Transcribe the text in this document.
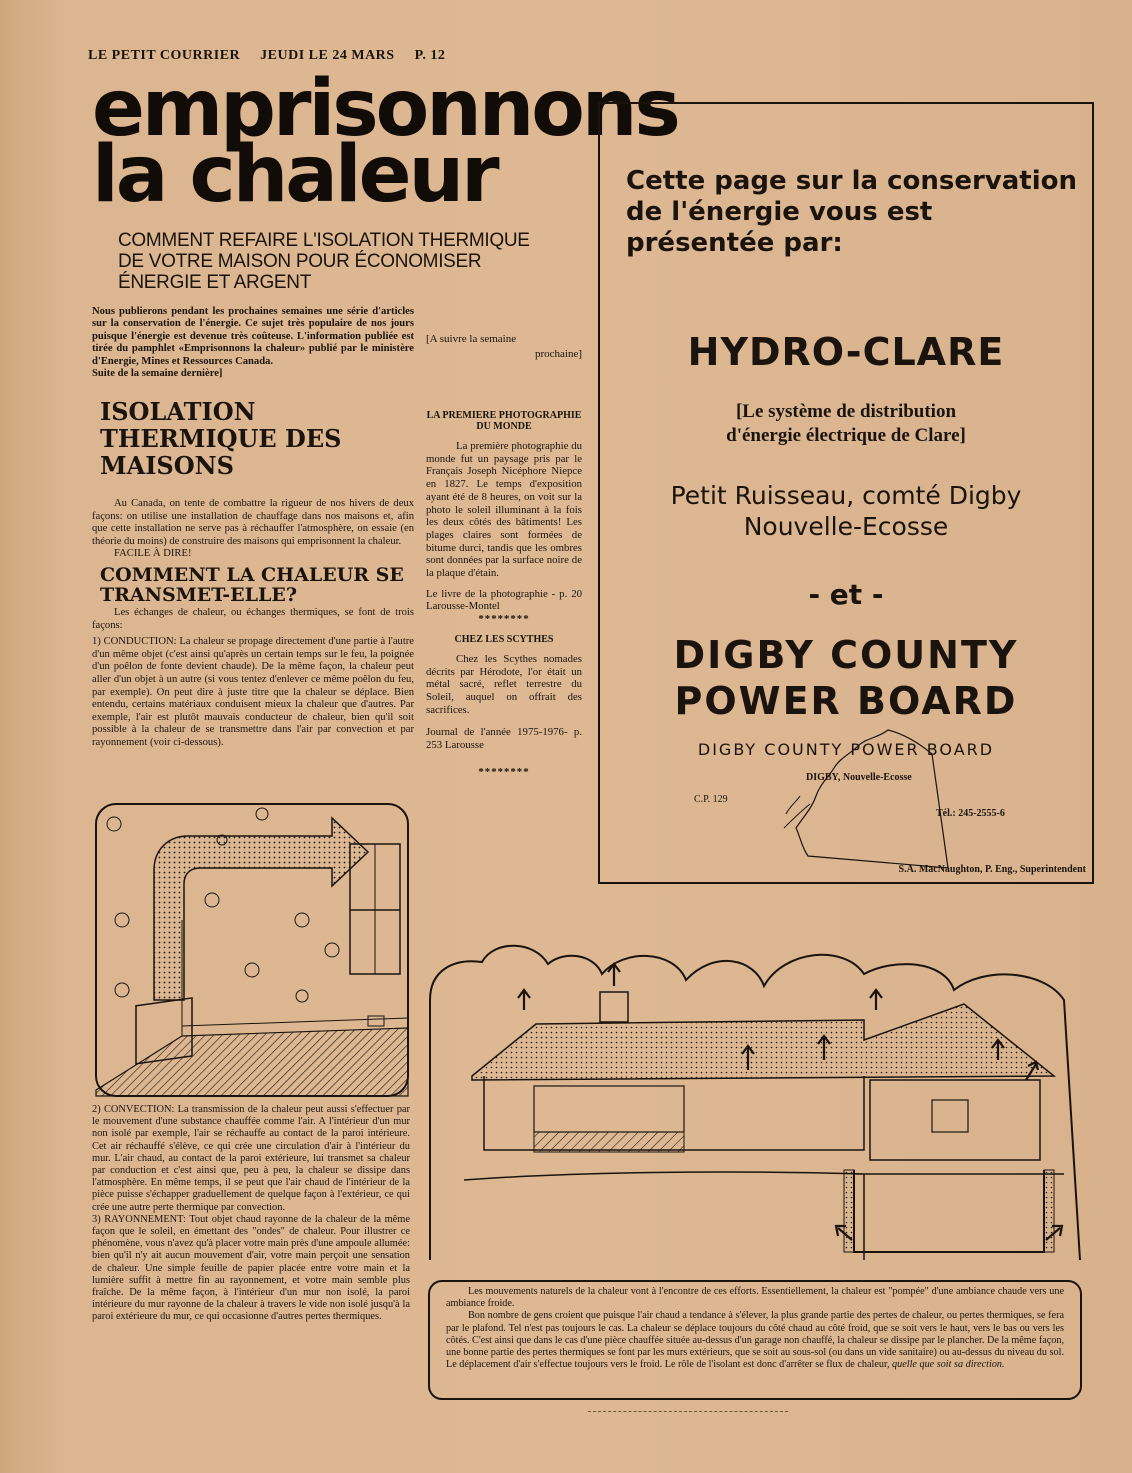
LE PETIT COURRIER JEUDI LE 24 MARS P. 12
emprisonnons
la chaleur
COMMENT REFAIRE L'ISOLATION THERMIQUE
DE VOTRE MAISON POUR ÉCONOMISER
ÉNERGIE ET ARGENT

Nous publierons pendant les prochaines semaines une série d'articles sur la conservation de l'énergie. Ce sujet très populaire de nos jours puisque l'énergie est devenue très coûteuse. L'information publiée est tirée du pamphlet «Emprisonnons la chaleur» publié par le ministère d'Energie, Mines et Ressources Canada.

Suite de la semaine dernière]

[A suivre la semaine
prochaine]
ISOLATION THERMIQUE DES MAISONS

Au Canada, on tente de combattre la rigueur de nos hivers de deux façons: on utilise une installation de chauffage dans nos maisons et, afin que cette installation ne serve pas à réchauffer l'atmosphère, on essaie (en théorie du moins) de construire des maisons qui emprisonnent la chaleur.

FACILE À DIRE!

COMMENT LA CHALEUR SE TRANSMET-ELLE?

Les échanges de chaleur, ou échanges thermiques, se font de trois façons:

1) CONDUCTION: La chaleur se propage directement d'une partie à l'autre d'un même objet (c'est ainsi qu'après un certain temps sur le feu, la poignée d'un poêlon de fonte devient chaude). De la même façon, la chaleur peut aller d'un objet à un autre (si vous tentez d'enlever ce même poêlon du feu, par exemple). On peut dire à juste titre que la chaleur se déplace. Bien entendu, certains matériaux conduisent mieux la chaleur que d'autres. Par exemple, l'air est plutôt mauvais conducteur de chaleur, bien qu'il soit possible à la chaleur de se transmettre dans l'air par convection et par rayonnement (voir ci-dessous).

LA PREMIERE PHOTOGRAPHIE DU MONDE

La première photographie du monde fut un paysage pris par le Français Joseph Nicéphore Niepce en 1827. Le temps d'exposition ayant été de 8 heures, on voit sur la photo le soleil illuminant à la fois les deux côtés des bâtiments! Les plages claires sont formées de bitume durci, tandis que les ombres sont données par la surface noire de la plaque d'étain.

Le livre de la photographie - p. 20 Larousse-Montel

********
CHEZ LES SCYTHES

Chez les Scythes nomades décrits par Hérodote, l'or était un métal sacré, reflet terrestre du Soleil, auquel on offrait des sacrifices.

Journal de l'année 1975-1976- p. 253 Larousse

********
Cette page sur la conservation de l'énergie vous est présentée par:
HYDRO-CLARE
[Le système de distribution
d'énergie électrique de Clare]
Petit Ruisseau, comté Digby
Nouvelle-Ecosse
- et -
DIGBY COUNTY
POWER BOARD
DIGBY COUNTY POWER BOARD
DIGBY, Nouvelle-Ecosse
C.P. 129
Tél.: 245-2555-6
S.A. MacNaughton, P. Eng., Superintendent

2) CONVECTION: La transmission de la chaleur peut aussi s'effectuer par le mouvement d'une substance chauffée comme l'air. A l'intérieur d'un mur non isolé par exemple, l'air se réchauffe au contact de la paroi intérieure. Cet air réchauffé s'élève, ce qui crée une circulation d'air à l'intérieur du mur. L'air chaud, au contact de la paroi extérieure, lui transmet sa chaleur par conduction et c'est ainsi que, peu à peu, la chaleur se dissipe dans l'atmosphère. En même temps, il se peut que l'air chaud de l'intérieur de la pièce puisse s'échapper graduellement de quelque façon à l'extérieur, ce qui crée une autre perte thermique par convection.

3) RAYONNEMENT: Tout objet chaud rayonne de la chaleur de la même façon que le soleil, en émettant des "ondes" de chaleur. Pour illustrer ce phénomène, vous n'avez qu'à placer votre main près d'une ampoule allumée: bien qu'il n'y ait aucun mouvement d'air, votre main perçoit une sensation de chaleur. Une simple feuille de papier placée entre votre main et la lumière suffit à mettre fin au rayonnement, et votre main semble plus fraîche. De la même façon, à l'intérieur d'un mur non isolé, la paroi intérieure du mur rayonne de la chaleur à travers le vide non isolé jusqu'à la paroi extérieure du mur, ce qui occasionne d'autres pertes thermiques.

Les mouvements naturels de la chaleur vont à l'encontre de ces efforts. Essentiellement, la chaleur est "pompée" d'une ambiance chaude vers une ambiance froide.

Bon nombre de gens croient que puisque l'air chaud a tendance à s'élever, la plus grande partie des pertes de chaleur, ou pertes thermiques, se fera par le plafond. Tel n'est pas toujours le cas. La chaleur se déplace toujours du côté chaud au côté froid, que se soit vers le haut, vers le bas ou vers les côtés. C'est ainsi que dans le cas d'une pièce chauffée située au-dessus d'un garage non chauffé, la chaleur se dissipe par le plancher. De la même façon, une bonne partie des pertes thermiques se font par les murs extérieurs, que se soit au sous-sol (ou dans un vide sanitaire) ou au-dessus du niveau du sol. Le déplacement d'air s'effectue toujours vers le froid. Le rôle de l'isolant est donc d'arrêter se flux de chaleur, quelle que soit sa direction.
